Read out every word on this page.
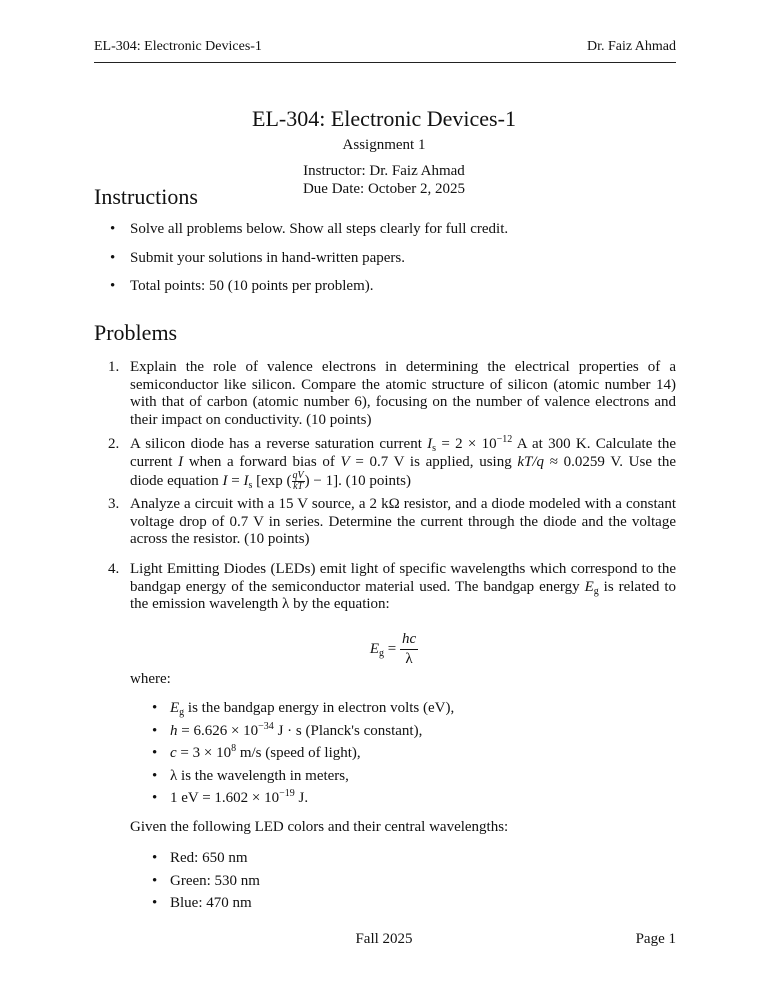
EL-304: Electronic Devices-1	Dr. Faiz Ahmad
EL-304: Electronic Devices-1
Assignment 1
Instructor: Dr. Faiz Ahmad
Due Date: October 2, 2025
Instructions
• Solve all problems below. Show all steps clearly for full credit.
• Submit your solutions in hand-written papers.
• Total points: 50 (10 points per problem).
Problems
1. Explain the role of valence electrons in determining the electrical properties of a semiconductor like silicon. Compare the atomic structure of silicon (atomic number 14) with that of carbon (atomic number 6), focusing on the number of valence electrons and their impact on conductivity. (10 points)
2. A silicon diode has a reverse saturation current $I_s = 2 \times 10^{-12}$ A at 300 K. Calculate the current I when a forward bias of V = 0.7 V is applied, using kT/q ≈ 0.0259 V. Use the diode equation $I = I_s$ [exp ( $\frac{qV}{kT}$ ) − 1]. (10 points)
3. Analyze a circuit with a 15 V source, a 2 kΩ resistor, and a diode modeled with a constant voltage drop of 0.7 V in series. Determine the current through the diode and the voltage across the resistor. (10 points)
4. Light Emitting Diodes (LEDs) emit light of specific wavelengths which correspond to the bandgap energy of the semiconductor material used. The bandgap energy $E_g$ is related to the emission wavelength λ by the equation:
$E_g = \frac{hc}{\lambda}$
where:
• $E_g$ is the bandgap energy in electron volts (eV),
• $h = 6.626 \times 10^{-34}$ J · s (Planck's constant),
• $c = 3 \times 10^8$ m/s (speed of light),
• λ is the wavelength in meters,
• 1 eV = $1.602 \times 10^{-19}$ J.
Given the following LED colors and their central wavelengths:
• Red: 650 nm
• Green: 530 nm
• Blue: 470 nm
Fall 2025	Page 1
